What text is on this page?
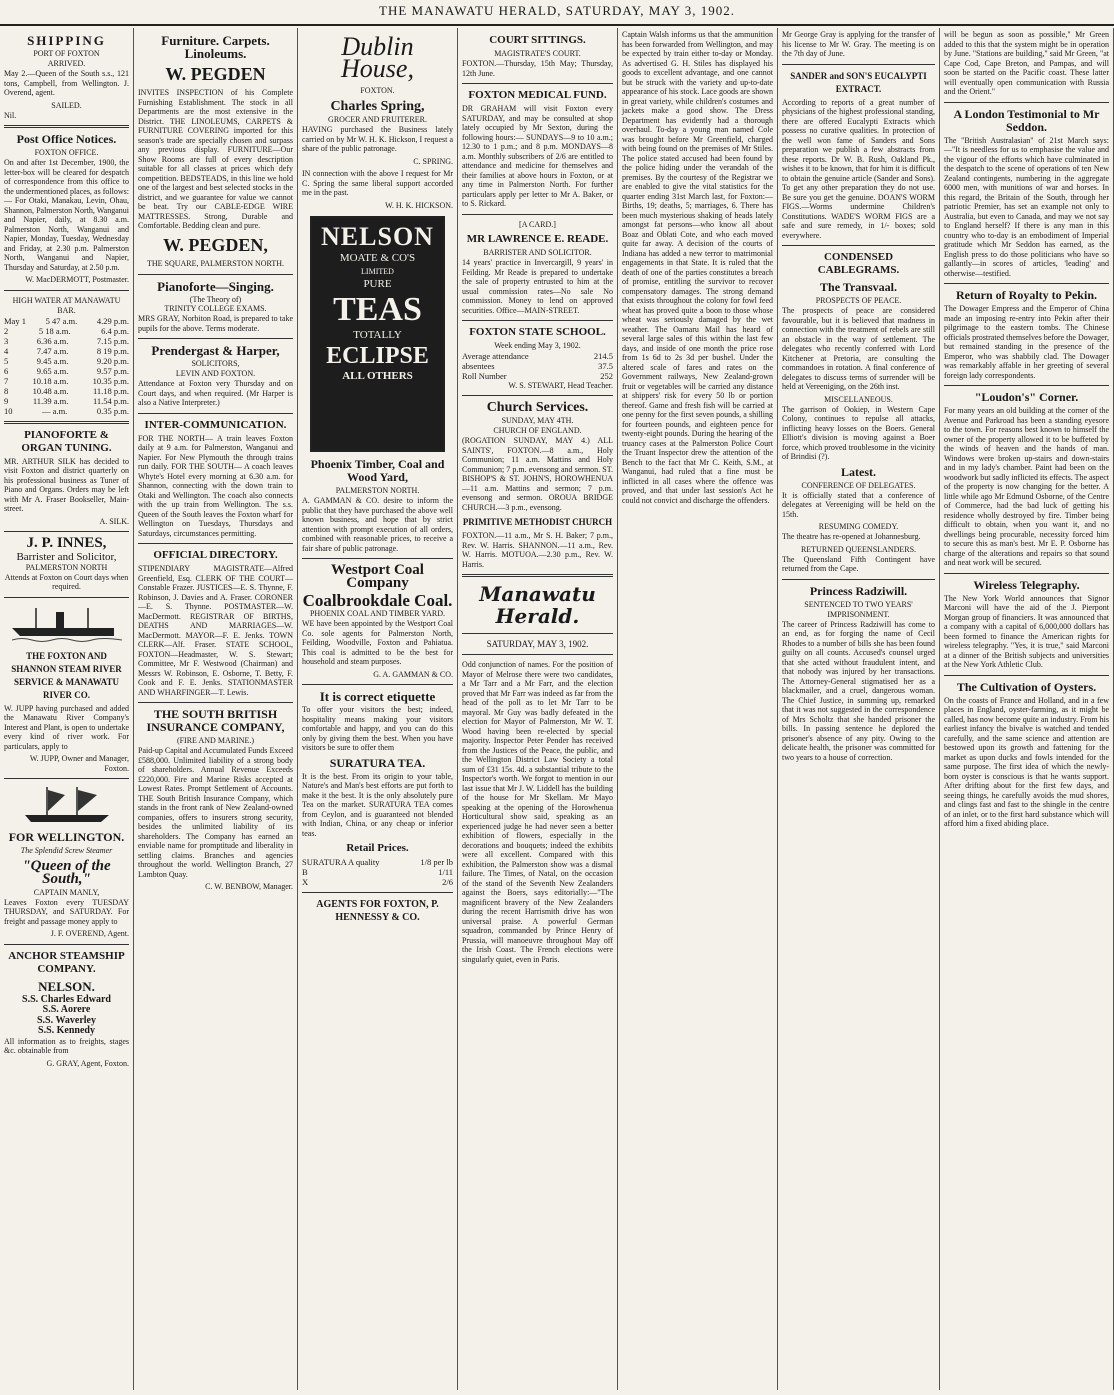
THE MANAWATU HERALD, SATURDAY, MAY 3, 1902.
SHIPPING
PORT OF FOXTON
ARRIVED.

May 2.—Queen of the South s.s., 121 tons, Campbell, from Wellington. J. Overend, agent.

SAILED.

Nil.

Post Office Notices.
FOXTON OFFICE.

On and after 1st December, 1900, the letter-box will be cleared for despatch of correspondence from this office to the undermentioned places, as follows:— For Otaki, Manakau, Levin, Ohau, Shannon, Palmerston North, Wanganui and Napier, daily, at 8.30 a.m. Palmerston North, Wanganui and Napier, Monday, Tuesday, Wednesday and Friday, at 2.30 p.m. Palmerston North, Wanganui and Napier, Thursday and Saturday, at 2.50 p.m.

W. MacDERMOTT, Postmaster.

HIGH WATER AT MANAWATU BAR.
May 1 5 47 a.m. 4.29 p.m.
2	5 18 a.m.	6.4 p.m.
3	6.36 a.m.	7.15 p.m.
4	7.47 a.m.	8 19 p.m.
5	9.45 a.m.	9.20 p.m.
6	9.65 a.m.	9.57 p.m.
7	10.18 a.m.	10.35 p.m.
8	10.48 a.m.	11.18 p.m.
9	11.39 a.m.	11.54 p.m.
10	— a.m.	0.35 p.m.
PIANOFORTE & ORGAN TUNING.

MR. ARTHUR SILK has decided to visit Foxton and district quarterly on his professional business as Tuner of Piano and Organs. Orders may be left with Mr A. Fraser Bookseller, Main-street.

A. SILK.

J. P. INNES,
Barrister and Solicitor,
PALMERSTON NORTH

Attends at Foxton on Court days when required.

THE FOXTON AND SHANNON STEAM RIVER SERVICE & MANAWATU RIVER CO.

W. JUPP having purchased and added the Manawatu River Company's Interest and Plant, is open to undertake every kind of river work. For particulars, apply to

W. JUPP, Owner and Manager, Foxton.

FOR WELLINGTON.
The Splendid Screw Steamer
"Queen of the South,"
CAPTAIN MANLY,

Leaves Foxton every TUESDAY THURSDAY, and SATURDAY. For freight and passage money apply to

J. F. OVEREND, Agent.

ANCHOR STEAMSHIP COMPANY.
NELSON.
S.S. Charles Edward
S.S. Aorere
S.S. Waverley
S.S. Kennedy

All information as to freights, stages &c. obtainable from

G. GRAY, Agent, Foxton.

Furniture. Carpets. Linoleums.
W. PEGDEN

INVITES INSPECTION of his Complete Furnishing Establishment. The stock in all Departments are the most extensive in the District. THE LINOLEUMS, CARPETS & FURNITURE COVERING imported for this season's trade are specially chosen and surpass any previous display. FURNITURE—Our Show Rooms are full of every description suitable for all classes at prices which defy competition. BEDSTEADS, in this line we hold one of the largest and best selected stocks in the district, and we guarantee for value we cannot be beat. Try our CABLE-EDGE WIRE MATTRESSES. Strong, Durable and Comfortable. Bedding clean and pure.

W. PEGDEN,
THE SQUARE, PALMERSTON NORTH.
Pianoforte—Singing.
(The Theory of)
TRINITY COLLEGE EXAMS.

MRS GRAY, Norbiton Road, is prepared to take pupils for the above. Terms moderate.

Prendergast & Harper,
SOLICITORS,
LEVIN AND FOXTON.

Attendance at Foxton very Thursday and on Court days, and when required. (Mr Harper is also a Native Interpreter.)

INTER-COMMUNICATION.

FOR THE NORTH— A train leaves Foxton daily at 9 a.m. for Palmerston, Wanganui and Napier. For New Plymouth the through trains run daily. FOR THE SOUTH— A coach leaves Whyte's Hotel every morning at 6.30 a.m. for Shannon, connecting with the down train to Otaki and Wellington. The coach also connects with the up train from Wellington. The s.s. Queen of the South leaves the Foxton wharf for Wellington on Tuesdays, Thursdays and Saturdays, circumstances permitting.

OFFICIAL DIRECTORY.

STIPENDIARY MAGISTRATE—Alfred Greenfield, Esq. CLERK OF THE COURT—Constable Frazer. JUSTICES—E. S. Thynne, F. Robinson, J. Davies and A. Fraser. CORONER—E. S. Thynne. POSTMASTER—W. MacDermott. REGISTRAR OF BIRTHS, DEATHS AND MARRIAGES—W. MacDermott. MAYOR—F. E. Jenks. TOWN CLERK—Alf. Fraser. STATE SCHOOL, FOXTON—Headmaster, W. S. Stewart; Committee, Mr F. Westwood (Chairman) and Messrs W. Robinson, E. Osborne, T. Betty, F. Cook and F. E. Jenks. STATIONMASTER AND WHARFINGER—T. Lewis.

THE SOUTH BRITISH INSURANCE COMPANY,
(FIRE AND MARINE.)

Paid-up Capital and Accumulated Funds Exceed £588,000. Unlimited liability of a strong body of shareholders. Annual Revenue Exceeds £220,000. Fire and Marine Risks accepted at Lowest Rates. Prompt Settlement of Accounts. THE South British Insurance Company, which stands in the front rank of New Zealand-owned companies, offers to insurers strong security, besides the unlimited liability of its shareholders. The Company has earned an enviable name for promptitude and liberality in settling claims. Branches and agencies throughout the world. Wellington Branch, 27 Lambton Quay.

C. W. BENBOW, Manager.

Dublin House,
FOXTON.
Charles Spring,
GROCER AND FRUITERER.

HAVING purchased the Business lately carried on by Mr W. H. K. Hickson, I request a share of the public patronage.

C. SPRING.

IN connection with the above I request for Mr C. Spring the same liberal support accorded me in the past.

W. H. K. HICKSON.

NELSON
MOATE & CO'S
LIMITED
PURE
TEAS
TOTALLY
ECLIPSE
ALL OTHERS
Phoenix Timber, Coal and Wood Yard,
PALMERSTON NORTH.

A. GAMMAN & CO. desire to inform the public that they have purchased the above well known business, and hope that by strict attention with prompt execution of all orders, combined with reasonable prices, to receive a fair share of public patronage.

Westport Coal Company
Coalbrookdale Coal.
PHOENIX COAL AND TIMBER YARD.

WE have been appointed by the Westport Coal Co. sole agents for Palmerston North, Feilding, Woodville, Foxton and Pahiatua. This coal is admitted to be the best for household and steam purposes.

G. A. GAMMAN & CO.

It is correct etiquette

To offer your visitors the best; indeed, hospitality means making your visitors comfortable and happy, and you can do this only by giving them the best. When you have visitors be sure to offer them

SURATURA TEA.

It is the best. From its origin to your table, Nature's and Man's best efforts are put forth to make it the best. It is the only absolutely pure Tea on the market. SURATURA TEA comes from Ceylon, and is guaranteed not blended with Indian, China, or any cheap or inferior teas.

Retail Prices.
SURATURA A quality	1/8 per lb
B	1/11
X	2/6
AGENTS FOR FOXTON, P. HENNESSY & CO.
COURT SITTINGS.
MAGISTRATE'S COURT.

FOXTON.—Thursday, 15th May; Thursday, 12th June.

FOXTON MEDICAL FUND.

DR GRAHAM will visit Foxton every SATURDAY, and may be consulted at shop lately occupied by Mr Sexton, during the following hours:— SUNDAYS—9 to 10 a.m.; 12.30 to 1 p.m.; and 8 p.m. MONDAYS—8 a.m. Monthly subscribers of 2/6 are entitled to attendance and medicine for themselves and their families at above hours in Foxton, or at any time in Palmerston North. For further particulars apply per letter to Mr A. Baker, or to S. Rickard.

[A CARD.]
MR LAWRENCE E. READE.
BARRISTER AND SOLICITOR.

14 years' practice in Invercargill, 9 years' in Feilding. Mr Reade is prepared to undertake the sale of property entrusted to him at the usual commission rates—No sale No commission. Money to lend on approved securities. Office—MAIN-STREET.

FOXTON STATE SCHOOL.
Week ending May 3, 1902.
Average attendance	214.5
absentees	37.5
Roll Number	252

W. S. STEWART, Head Teacher.

Church Services.
SUNDAY, MAY 4TH.
CHURCH OF ENGLAND.

(ROGATION SUNDAY, MAY 4.) ALL SAINTS', FOXTON.—8 a.m., Holy Communion; 11 a.m. Mattins and Holy Communion; 7 p.m. evensong and sermon. ST. BISHOP'S & ST. JOHN'S, HOROWHENUA—11 a.m. Mattins and sermon; 7 p.m. evensong and sermon. OROUA BRIDGE CHURCH.—3 p.m., evensong.

PRIMITIVE METHODIST CHURCH

FOXTON.—11 a.m., Mr S. H. Baker; 7 p.m., Rev. W. Harris. SHANNON.—11 a.m., Rev. W. Harris. MOTUOA.—2.30 p.m., Rev. W. Harris.

Manawatu Herald.
SATURDAY, MAY 3, 1902.

Odd conjunction of names. For the position of Mayor of Melrose there were two candidates, a Mr Tarr and a Mr Farr, and the election proved that Mr Farr was indeed as far from the head of the poll as to let Mr Tarr to be mayoral. Mr Guy was badly defeated in the election for Mayor of Palmerston, Mr W. T. Wood having been re-elected by special majority. Inspector Peter Pender has received from the Justices of the Peace, the public, and the Wellington District Law Society a total sum of £31 15s. 4d. a substantial tribute to the Inspector's worth. We forgot to mention in our last issue that Mr J. W. Liddell has the building of the house for Mr Skellam. Mr Mayo speaking at the opening of the Horowhenua Horticultural show said, speaking as an experienced judge he had never seen a better exhibition of flowers, especially in the decorations and bouquets; indeed the exhibits were all excellent. Compared with this exhibition, the Palmerston show was a dismal failure. The Times, of Natal, on the occasion of the stand of the Seventh New Zealanders against the Boers, says editorially:—"The magnificent bravery of the New Zealanders during the recent Harrismith drive has won universal praise. A powerful German squadron, commanded by Prince Henry of Prussia, will manoeuvre throughout May off the Irish Coast. The French elections were singularly quiet, even in Paris.

Captain Walsh informs us that the ammunition has been forwarded from Wellington, and may be expected by train either to-day or Monday. As advertised G. H. Stiles has displayed his goods to excellent advantage, and one cannot but be struck with the variety and up-to-date appearance of his stock. Lace goods are shown in great variety, while children's costumes and jackets make a good show. The Dress Department has evidently had a thorough overhaul. To-day a young man named Cole was brought before Mr Greenfield, charged with being found on the premises of Mr Stiles. The police stated accused had been found by the police hiding under the verandah of the premises. By the courtesy of the Registrar we are enabled to give the vital statistics for the quarter ending 31st March last, for Foxton:—Births, 19; deaths, 5; marriages, 6. There has been much mysterious shaking of heads lately amongst fat persons—who know all about Boaz and Oblati Cote, and who each moved quite far away. A decision of the courts of Indiana has added a new terror to matrimonial engagements in that State. It is ruled that the death of one of the parties constitutes a breach of promise, entitling the survivor to recover compensatory damages. The strong demand that exists throughout the colony for fowl feed wheat has proved quite a boon to those whose wheat was seriously damaged by the wet weather. The Oamaru Mail has heard of several large sales of this within the last few days, and inside of one month the price rose from 1s 6d to 2s 3d per bushel. Under the altered scale of fares and rates on the Government railways, New Zealand-grown fruit or vegetables will be carried any distance at shippers' risk for every 50 lb or portion thereof. Game and fresh fish will be carried at one penny for the first seven pounds, a shilling for fourteen pounds, and eighteen pence for twenty-eight pounds. During the hearing of the truancy cases at the Palmerston Police Court the Truant Inspector drew the attention of the Bench to the fact that Mr C. Keith, S.M., at Wanganui, had ruled that a fine must be inflicted in all cases where the offence was proved, and that under last session's Act he could not convict and discharge the offenders.

Mr George Gray is applying for the transfer of his license to Mr W. Gray. The meeting is on the 7th day of June.

SANDER and SON'S EUCALYPTI EXTRACT.

According to reports of a great number of physicians of the highest professional standing, there are offered Eucalypti Extracts which possess no curative qualities. In protection of the well won fame of Sanders and Sons preparation we publish a few abstracts from these reports. Dr W. B. Rush, Oakland Pk., wishes it to be known, that for him it is difficult to obtain the genuine article (Sander and Sons). To get any other preparation they do not use. Be sure you get the genuine. DOAN'S WORM FIGS.—Worms undermine Children's Constitutions. WADE'S WORM FIGS are a safe and sure remedy, in 1/- boxes; sold everywhere.

CONDENSED CABLEGRAMS.
The Transvaal.
PROSPECTS OF PEACE.

The prospects of peace are considered favourable, but it is believed that madness in connection with the treatment of rebels are still an obstacle in the way of settlement. The delegates who recently conferred with Lord Kitchener at Pretoria, are consulting the commandoes in rotation. A final conference of delegates to discuss terms of surrender will be held at Vereeniging, on the 26th inst.

MISCELLANEOUS.

The garrison of Ookiep, in Western Cape Colony, continues to repulse all attacks, inflicting heavy losses on the Boers. General Elliott's division is moving against a Boer force, which proved troublesome in the vicinity of Brindisi (?).

Latest.
CONFERENCE OF DELEGATES.

It is officially stated that a conference of delegates at Vereeniging will be held on the 15th.

RESUMING COMEDY.

The theatre has re-opened at Johannesburg.

RETURNED QUEENSLANDERS.

The Queensland Fifth Contingent have returned from the Cape.

Princess Radziwill.
SENTENCED TO TWO YEARS' IMPRISONMENT.

The career of Princess Radziwill has come to an end, as for forging the name of Cecil Rhodes to a number of bills she has been found guilty on all counts. Accused's counsel urged that she acted without fraudulent intent, and that nobody was injured by her transactions. The Attorney-General stigmatised her as a blackmailer, and a cruel, dangerous woman. The Chief Justice, in summing up, remarked that it was not suggested in the correspondence of Mrs Scholtz that she handed prisoner the bills. In passing sentence he deplored the prisoner's absence of any pity. Owing to the delicate health, the prisoner was committed for two years to a house of correction.

will be begun as soon as possible," Mr Green added to this that the system might be in operation by June. "Stations are building," said Mr Green, "at Cape Cod, Cape Breton, and Pampas, and will soon be started on the Pacific coast. These latter will eventually open communication with Russia and the Orient."

A London Testimonial to Mr Seddon.

The "British Australasian" of 21st March says:—"It is needless for us to emphasise the value and the vigour of the efforts which have culminated in the despatch to the scene of operations of ten New Zealand contingents, numbering in the aggregate 6000 men, with munitions of war and horses. In this regard, the Britain of the South, through her patriotic Premier, has set an example not only to Australia, but even to Canada, and may we not say to England herself? If there is any man in this country who to-day is an embodiment of Imperial gratitude which Mr Seddon has earned, as the English press to do those politicians who have so gallantly—in scores of articles, 'leading' and otherwise—testified.

Return of Royalty to Pekin.

The Dowager Empress and the Emperor of China made an imposing re-entry into Pekin after their pilgrimage to the eastern tombs. The Chinese officials prostrated themselves before the Dowager, but remained standing in the presence of the Emperor, who was shabbily clad. The Dowager was remarkably affable in her greeting of several foreign lady correspondents.

"Loudon's" Corner.

For many years an old building at the corner of the Avenue and Parkroad has been a standing eyesore to the town. For reasons best known to himself the owner of the property allowed it to be buffeted by the winds of heaven and the hands of man. Windows were broken up-stairs and down-stairs and in my lady's chamber. Paint had been on the woodwork but sadly inflicted its effects. The aspect of the property is now changing for the better. A little while ago Mr Edmund Osborne, of the Centre of Commerce, had the bad luck of getting his residence wholly destroyed by fire. Timber being difficult to obtain, when you want it, and no dwellings being procurable, necessity forced him to secure this as man's best. Mr E. P. Osborne has charge of the alterations and repairs so that sound and neat work will be secured.

Wireless Telegraphy.

The New York World announces that Signor Marconi will have the aid of the J. Pierpont Morgan group of financiers. It was announced that a company with a capital of 6,000,000 dollars has been formed to finance the American rights for wireless telegraphy. "Yes, it is true," said Marconi at a dinner of the British subjects and universities at the New York Athletic Club.

The Cultivation of Oysters.

On the coasts of France and Holland, and in a few places in England, oyster-farming, as it might be called, has now become quite an industry. From his earliest infancy the bivalve is watched and tended carefully, and the same science and attention are bestowed upon its growth and fattening for the market as upon ducks and fowls intended for the same purpose. The first idea of which the newly-born oyster is conscious is that he wants support. After drifting about for the first few days, and seeing things, he carefully avoids the mud shores, and clings fast and fast to the shingle in the centre of an inlet, or to the first hard substance which will afford him a fixed abiding place.
